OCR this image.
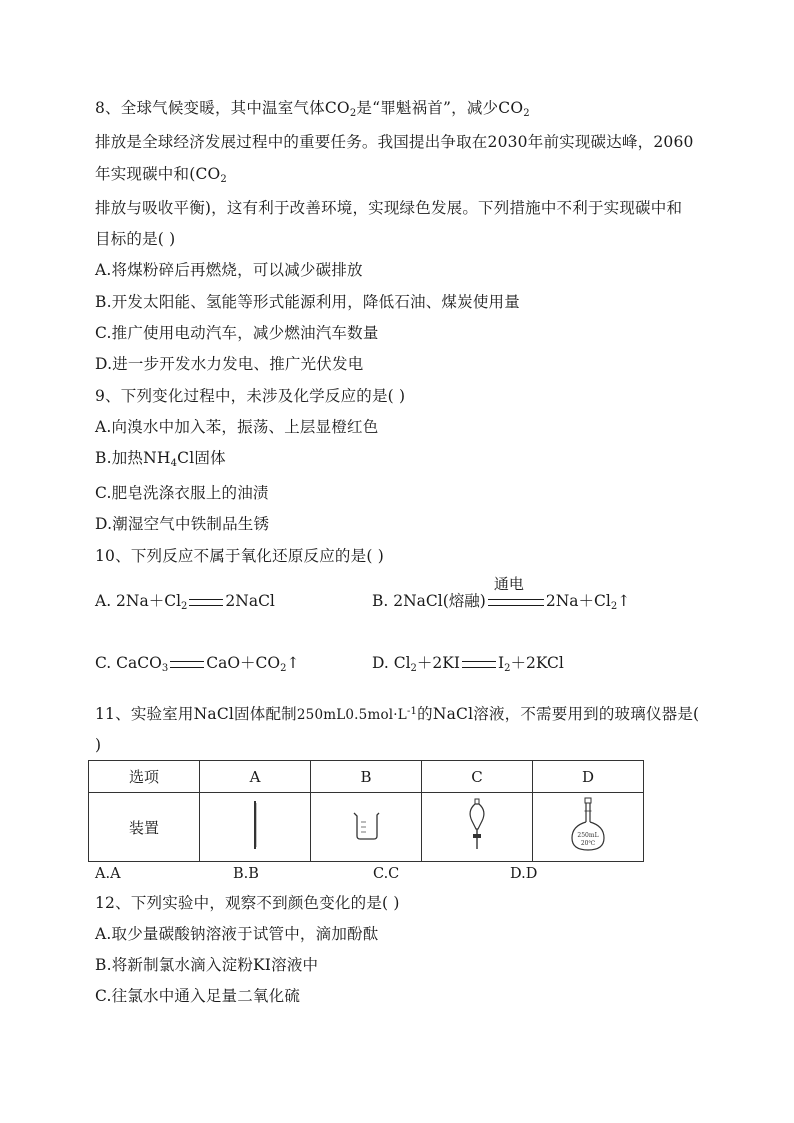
8、全球气候变暖，其中温室气体$CO_2$是“罪魁祸首”，减少$CO_2$
排放是全球经济发展过程中的重要任务。我国提出争取在2030年前实现碳达峰，2060
年实现碳中和($CO_2$
排放与吸收平衡)，这有利于改善环境，实现绿色发展。下列措施中不利于实现碳中和
目标的是( )
A.将煤粉碎后再燃烧，可以减少碳排放
B.开发太阳能、氢能等形式能源利用，降低石油、煤炭使用量
C.推广使用电动汽车，减少燃油汽车数量
D.进一步开发水力发电、推广光伏发电
9、下列变化过程中，未涉及化学反应的是( )
A.向溴水中加入苯，振荡、上层显橙红色
B.加热$NH_4Cl$固体
C.肥皂洗涤衣服上的油渍
D.潮湿空气中铁制品生锈
10、下列反应不属于氧化还原反应的是( )
A. $2Na+Cl_2$ 2NaCl	B. 2NaCl(熔融)
通电
$2Na+Cl_2↑$
C. CaCO$_3$ $CaO+CO_2↑$	D. $Cl_2+2KI$ $I_2+2KCl$
11、实验室用NaCl固体配制$250mL0.5mol\cdot L^{-1}$的NaCl溶液，不需要用到的玻璃仪器是(
)
选项	A	B	C	D
装置				250mL
20℃
A.A	B.B	C.C	D.D
12、下列实验中，观察不到颜色变化的是( )
A.取少量碳酸钠溶液于试管中，滴加酚酞
B.将新制氯水滴入淀粉KI溶液中
C.往氯水中通入足量二氧化硫
